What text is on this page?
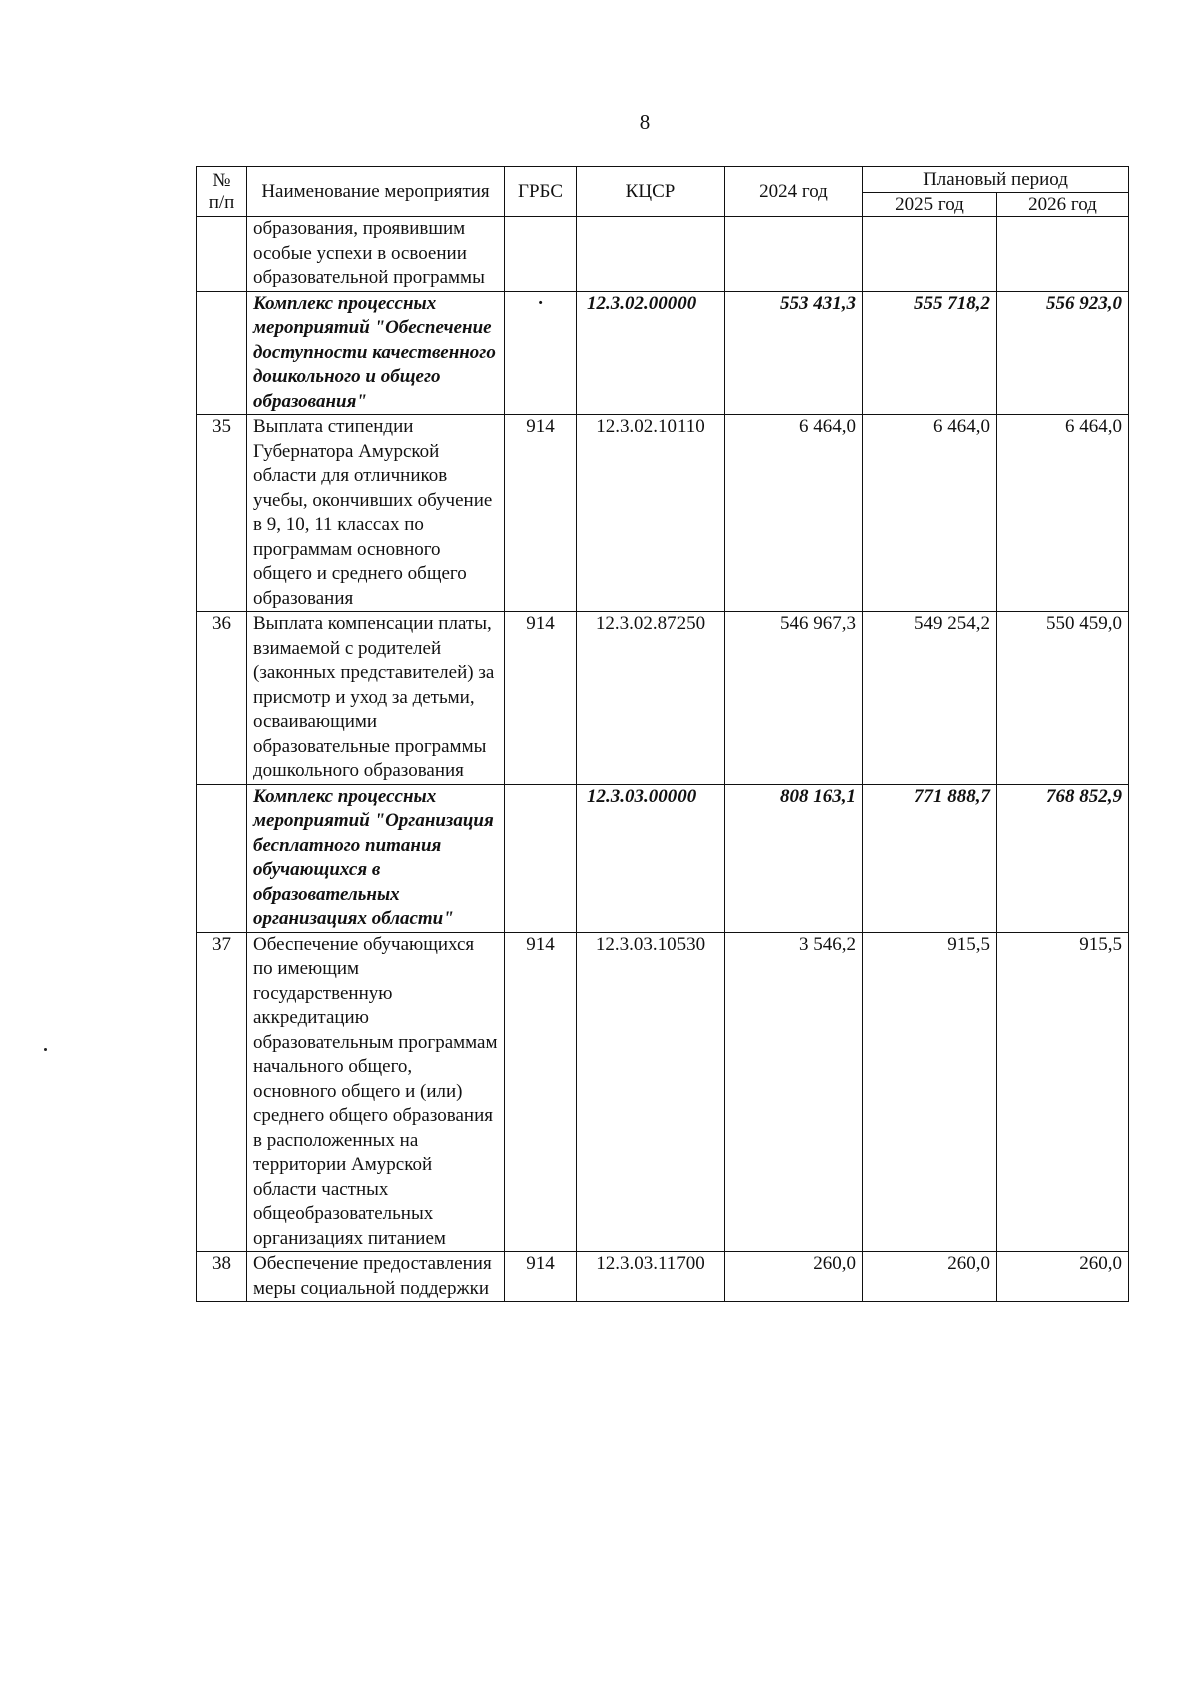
8
№ п/п	Наименование мероприятия	ГРБС	КЦСР	2024 год	Плановый период	
					2025 год	2026 год
	образования, проявившим особые успехи в освоении образовательной программы					
	Комплекс процессных мероприятий "Обеспечение доступности качественного дошкольного и общего образования"	·	12.3.02.00000	553 431,3	555 718,2	556 923,0
35	Выплата стипендии Губернатора Амурской области для отличников учебы, окончивших обучение в 9, 10, 11 классах по программам основного общего и среднего общего образования	914	12.3.02.10110	6 464,0	6 464,0	6 464,0
36	Выплата компенсации платы, взимаемой с родителей (законных представителей) за присмотр и уход за детьми, осваивающими образовательные программы дошкольного образования	914	12.3.02.87250	546 967,3	549 254,2	550 459,0
	Комплекс процессных мероприятий "Организация бесплатного питания обучающихся в образовательных организациях области"		12.3.03.00000	808 163,1	771 888,7	768 852,9
37	Обеспечение обучающихся по имеющим государственную аккредитацию образовательным программам начального общего, основного общего и (или) среднего общего образования в расположенных на территории Амурской области частных общеобразовательных организациях питанием	914	12.3.03.10530	3 546,2	915,5	915,5
38	Обеспечение предоставления меры социальной поддержки	914	12.3.03.11700	260,0	260,0	260,0
